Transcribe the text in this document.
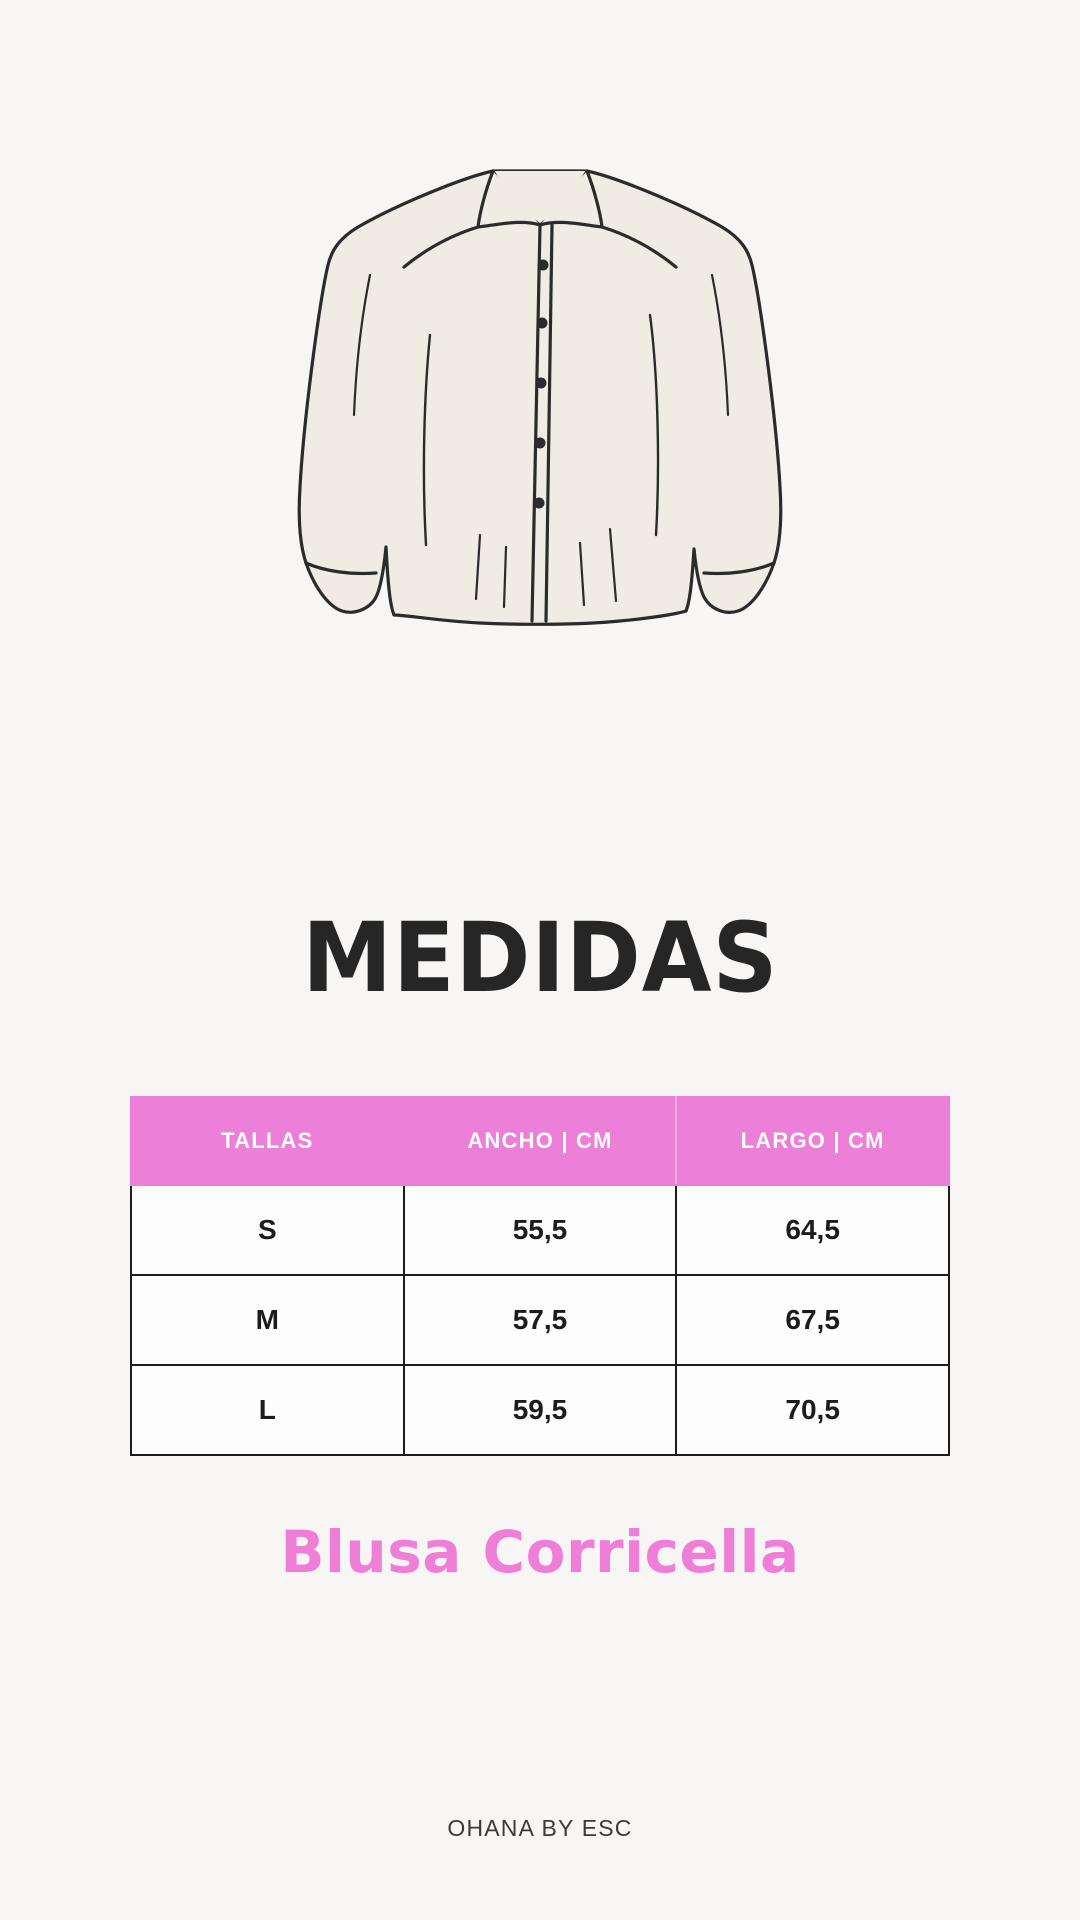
MEDIDAS
TALLAS	ANCHO | CM	LARGO | CM
S	55,5	64,5
M	57,5	67,5
L	59,5	70,5
Blusa Corricella
OHANA BY ESC
